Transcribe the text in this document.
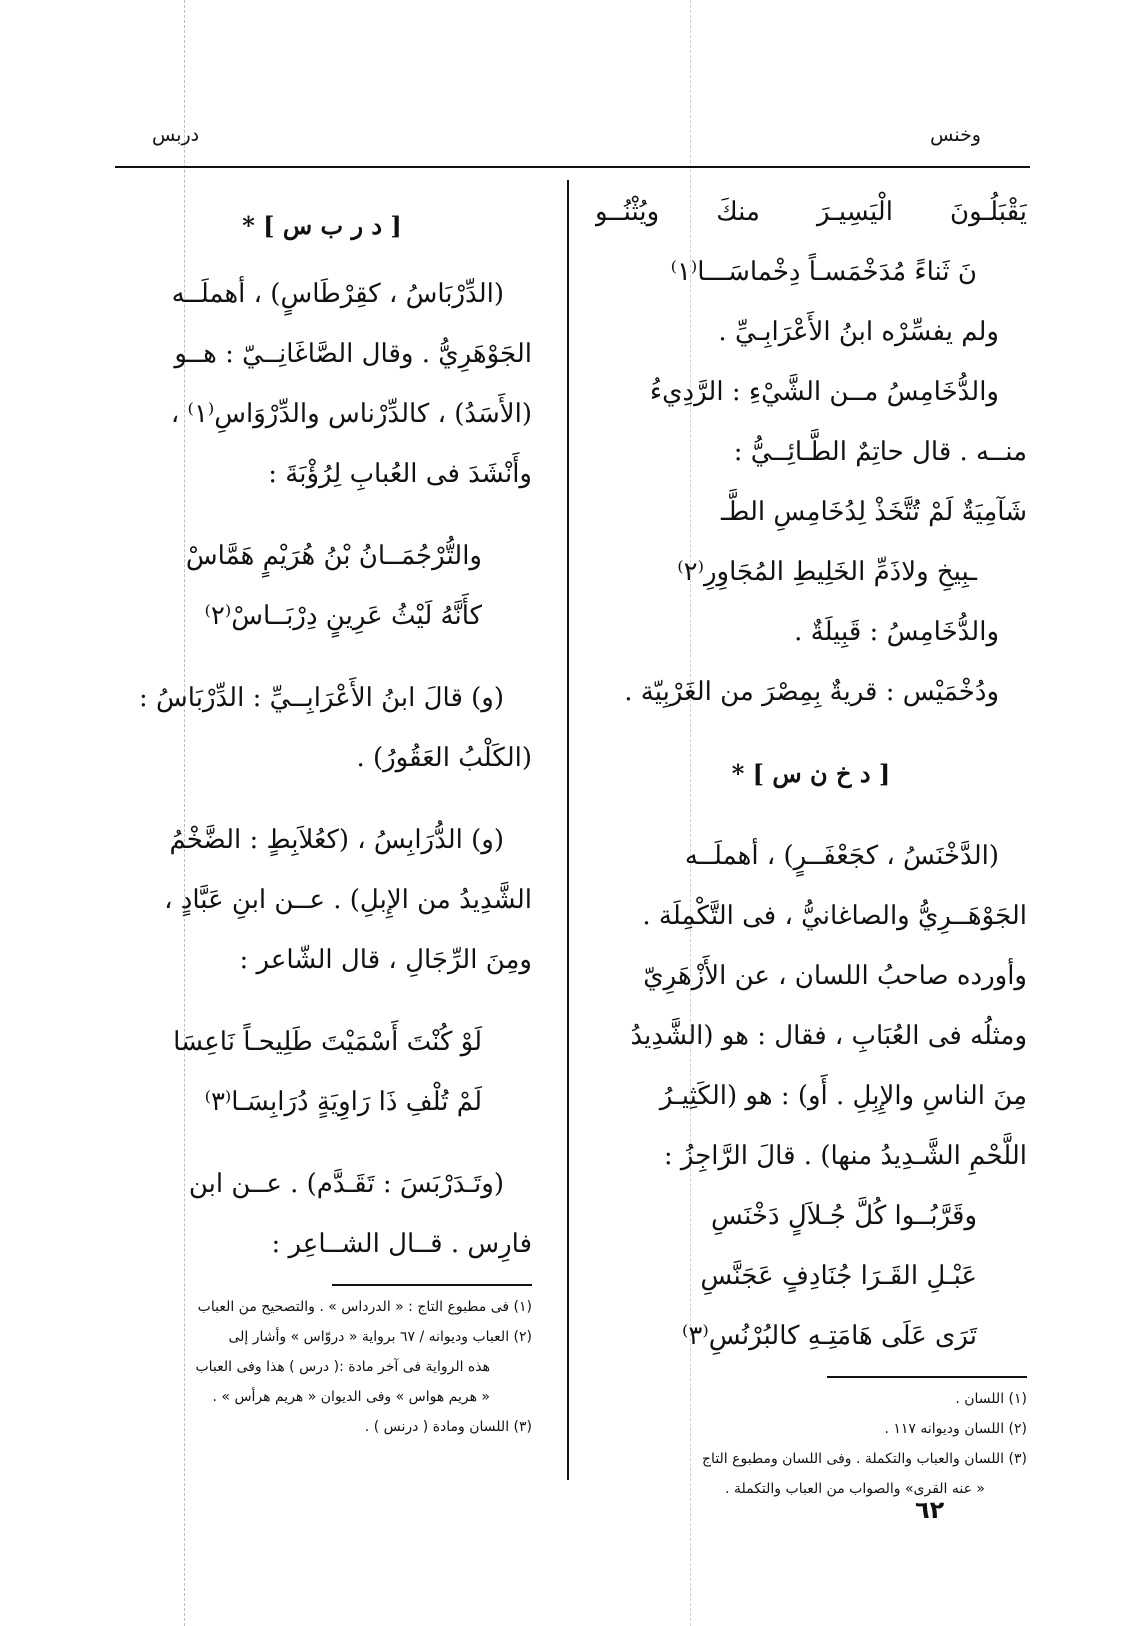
دربس	وخنس
يَقْبَلُـونَ الْيَسِيـرَ منكَ ويُثْنُــو
نَ ثَناءً مُدَخْمَسـاً دِخْماسَـــا⁽١⁾
ولم يفسِّرْه ابنُ الأَعْرَابِـيِّ .
والدُّخَامِسُ مــن الشَّيْءِ : الرَّدِيءُ
منــه . قال حاتِمٌ الطَّـائِــيُّ :
شَآمِيَةٌ لَمْ تُتَّخَذْ لِدُخَامِسِ الطَّـ
ـبِيخِ ولاذَمِّ الخَلِيطِ المُجَاوِرِ⁽٢⁾
والدُّخَامِسُ : قَبِيلَةٌ .
ودُخْمَيْس : قريةٌ بِمِصْرَ من الغَرْبِيّة .
[ د خ ن س ] *
(الدَّخْنَسُ ، كجَعْفَــرٍ) ، أهملَــه
الجَوْهَــرِيُّ والصاغانيُّ ، فى التَّكْمِلَة .
وأورده صاحبُ اللسان ، عن الأَزْهَرِيّ
ومثلُه فى العُبَابِ ، فقال : هو (الشَّدِيدُ
مِنَ الناسِ والإِبِلِ . أَو) : هو (الكَثِيـرُ
اللَّحْمِ الشَّـدِيدُ منها) . قالَ الرَّاجِزُ :
وقَرَّبُــوا كُلَّ جُـلاَلٍ دَخْنَسِ
عَبْـلِ القَـرَا جُنَادِفٍ عَجَنَّسِ
تَرَى عَلَى هَامَتِـهِ كالبُرْنُسِ⁽٣⁾
(١) اللسان .
(٢) اللسان وديوانه ١١٧ .
(٣) اللسان والعباب والتكملة . وفى اللسان ومطبوع التاج
« عنه القرى» والصواب من العباب والتكملة .
[ د ر ب س ] *
(الدِّرْبَاسُ ، كقِرْطَاسٍ) ، أهملَــه
الجَوْهَرِيُّ . وقال الصَّاغَانِــيّ : هــو
(الأَسَدُ) ، كالدِّرْناس والدِّرْوَاسِ⁽١⁾ ،
وأَنْشَدَ فى العُبابِ لِرُؤْبَةَ :
والتُّرْجُمَــانُ بْنُ هُرَيْمٍ هَمَّاسْ
كأَنَّهُ لَيْثُ عَرِينٍ دِرْبَــاسْ⁽٢⁾
(و) قالَ ابنُ الأَعْرَابِــيِّ : الدِّرْبَاسُ :
(الكَلْبُ العَقُورُ) .
(و) الدُّرَابِسُ ، (كعُلاَبِطٍ : الضَّخْمُ
الشَّدِيدُ من الإِبلِ) . عــن ابنِ عَبَّادٍ ،
ومِنَ الرِّجَالِ ، قال الشّاعر :
لَوْ كُنْتَ أَسْمَيْتَ طَلِيحـاً نَاعِسَا
لَمْ تُلْفِ ذَا رَاوِيَةٍ دُرَابِسَـا⁽٣⁾
(وتَـدَرْبَسَ : تَقَـدَّم) . عــن ابن
فارِس . قــال الشــاعِر :
(١) فى مطبوع التاج : « الدرداس » . والتصحيح من العباب
(٢) العباب وديوانه / ٦٧ برواية « دروّاس » وأشار إلى
هذه الرواية فى آخر مادة :( درس ) هذا وفى العباب
« هريم هواس » وفى الديوان « هريم هرأس » .
(٣) اللسان ومادة ( درنس ) .
٦٢
